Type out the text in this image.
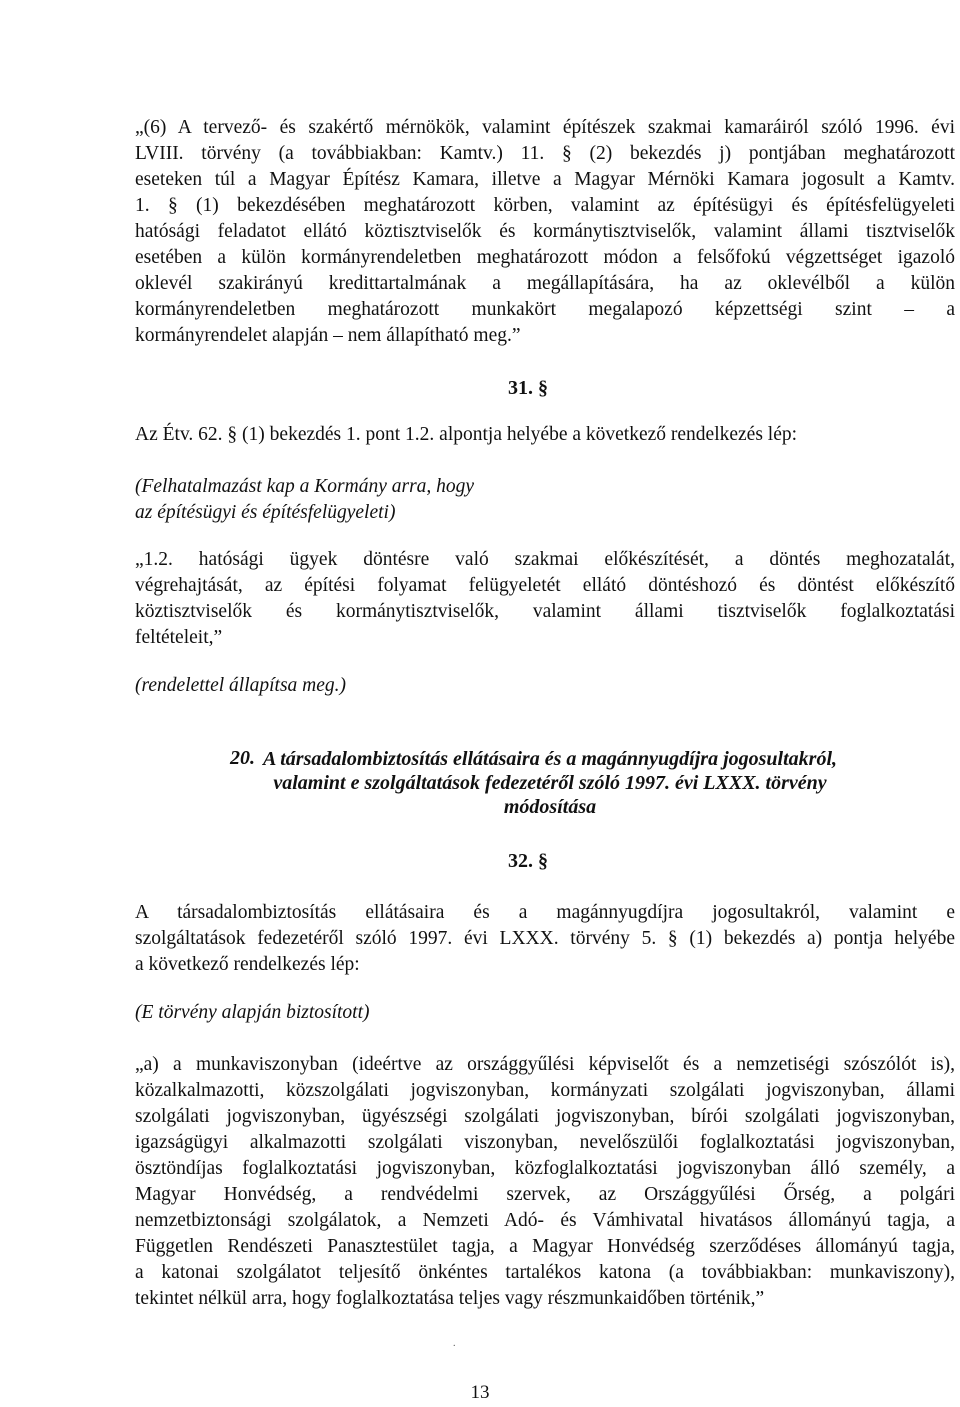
„(6) A tervező- és szakértő mérnökök, valamint építészek szakmai kamaráiról szóló 1996. évi
LVIII. törvény (a továbbiakban: Kamtv.) 11. § (2) bekezdés j) pontjában meghatározott
eseteken túl a Magyar Építész Kamara, illetve a Magyar Mérnöki Kamara jogosult a Kamtv.
1. § (1) bekezdésében meghatározott körben, valamint az építésügyi és építésfelügyeleti
hatósági feladatot ellátó köztisztviselők és kormánytisztviselők, valamint állami tisztviselők
esetében a külön kormányrendeletben meghatározott módon a felsőfokú végzettséget igazoló
oklevél szakirányú kredittartalmának a megállapítására, ha az oklevélből a külön
kormányrendeletben meghatározott munkakört megalapozó képzettségi szint – a
kormányrendelet alapján – nem állapítható meg.”
31. §
Az Étv. 62. § (1) bekezdés 1. pont 1.2. alpontja helyébe a következő rendelkezés lép:
(Felhatalmazást kap a Kormány arra, hogy
az építésügyi és építésfelügyeleti)
„1.2. hatósági ügyek döntésre való szakmai előkészítését, a döntés meghozatalát,
végrehajtását, az építési folyamat felügyeletét ellátó döntéshozó és döntést előkészítő
köztisztviselők és kormánytisztviselők, valamint állami tisztviselők foglalkoztatási
feltételeit,”
(rendelettel állapítsa meg.)
20. A társadalombiztosítás ellátásaira és a magánnyugdíjra jogosultakról,
valamint e szolgáltatások fedezetéről szóló 1997. évi LXXX. törvény
módosítása
32. §
A társadalombiztosítás ellátásaira és a magánnyugdíjra jogosultakról, valamint e
szolgáltatások fedezetéről szóló 1997. évi LXXX. törvény 5. § (1) bekezdés a) pontja helyébe
a következő rendelkezés lép:
(E törvény alapján biztosított)
„a) a munkaviszonyban (ideértve az országgyűlési képviselőt és a nemzetiségi szószólót is),
közalkalmazotti, közszolgálati jogviszonyban, kormányzati szolgálati jogviszonyban, állami
szolgálati jogviszonyban, ügyészségi szolgálati jogviszonyban, bírói szolgálati jogviszonyban,
igazságügyi alkalmazotti szolgálati viszonyban, nevelőszülői foglalkoztatási jogviszonyban,
ösztöndíjas foglalkoztatási jogviszonyban, közfoglalkoztatási jogviszonyban álló személy, a
Magyar Honvédség, a rendvédelmi szervek, az Országgyűlési Őrség, a polgári
nemzetbiztonsági szolgálatok, a Nemzeti Adó- és Vámhivatal hivatásos állományú tagja, a
Független Rendészeti Panasztestület tagja, a Magyar Honvédség szerződéses állományú tagja,
a katonai szolgálatot teljesítő önkéntes tartalékos katona (a továbbiakban: munkaviszony),
tekintet nélkül arra, hogy foglalkoztatása teljes vagy részmunkaidőben történik,”
.
13
